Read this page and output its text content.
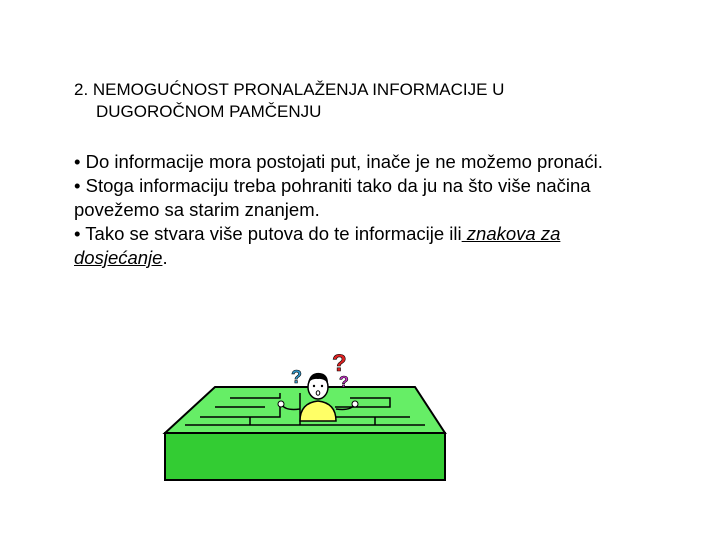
2. NEMOGUĆNOST PRONALAŽENJA INFORMACIJE U
DUGOROČNOM PAMČENJU

• Do informacije mora postojati put, inače je ne možemo pronaći.

• Stoga informaciju treba pohraniti tako da ju na što više načina povežemo sa starim znanjem.

• Tako se stvara više putova do te informacije ili znakova za dosjećanje.

? ?
?
